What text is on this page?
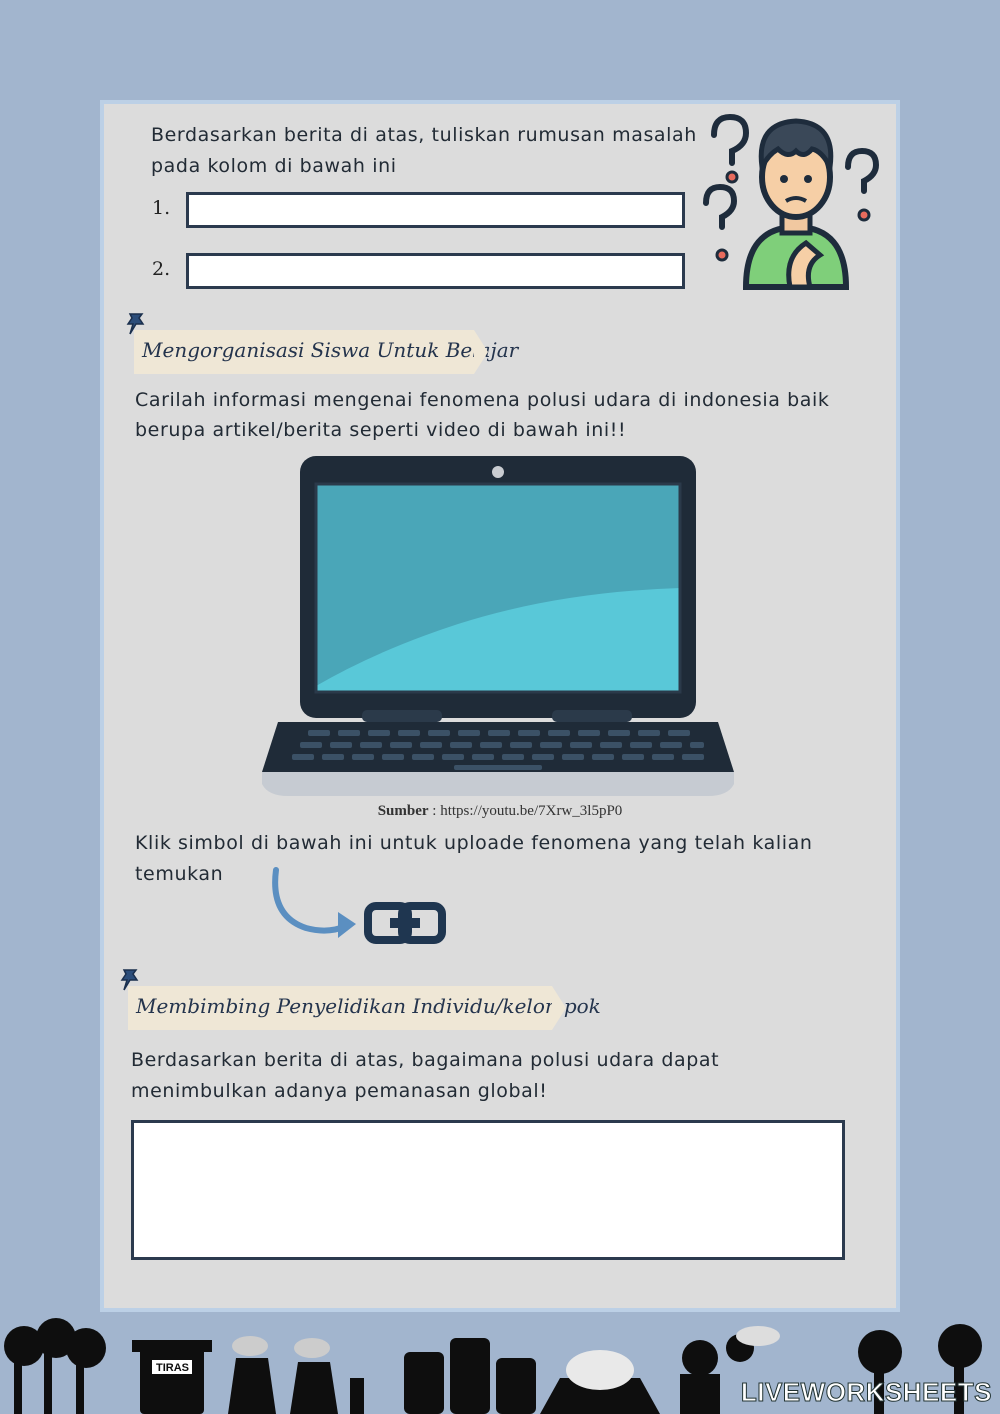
Berdasarkan berita di atas, tuliskan rumusan masalah
pada kolom di bawah ini
1.
2.
Mengorganisasi Siswa Untuk Belajar
Carilah informasi mengenai fenomena polusi udara di indonesia baik
berupa artikel/berita seperti video di bawah ini!!
Sumber : https://youtu.be/7Xrw_3l5pP0
Klik simbol di bawah ini untuk uploade fenomena yang telah kalian
temukan
Membimbing Penyelidikan Individu/kelompok
Berdasarkan berita di atas, bagaimana polusi udara dapat
menimbulkan adanya pemanasan global!
TIRAS
LIVEWORKSHEETS
